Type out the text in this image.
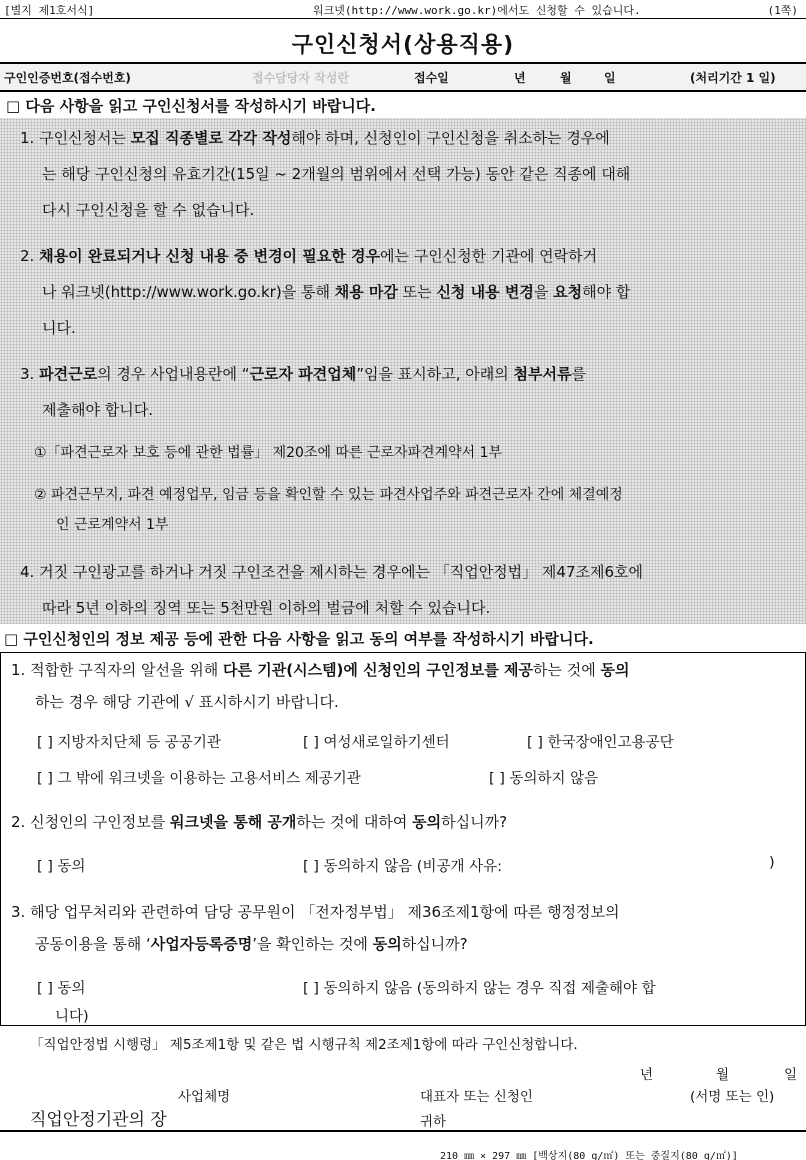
[별지 제1호서식]	워크넷(http://www.work.go.kr)에서도 신청할 수 있습니다.	(1쪽)
구인신청서(상용직용)
구인인증번호(접수번호)	접수담당자 작성란	접수일	년	월	일	(처리기간 1 일)
□ 다음 사항을 읽고 구인신청서를 작성하시기 바랍니다.
1. 구인신청서는 모집 직종별로 각각 작성해야 하며, 신청인이 구인신청을 취소하는 경우에
는 해당 구인신청의 유효기간(15일 ~ 2개월의 범위에서 선택 가능) 동안 같은 직종에 대해
다시 구인신청을 할 수 없습니다.
2. 채용이 완료되거나 신청 내용 중 변경이 필요한 경우에는 구인신청한 기관에 연락하거
나 워크넷(http://www.work.go.kr)을 통해 채용 마감 또는 신청 내용 변경을 요청해야 합
니다.
3. 파견근로의 경우 사업내용란에 “근로자 파견업체”임을 표시하고, 아래의 첨부서류를
제출해야 합니다.
①「파견근로자 보호 등에 관한 법률」 제20조에 따른 근로자파견계약서 1부
② 파견근무지, 파견 예정업무, 임금 등을 확인할 수 있는 파견사업주와 파견근로자 간에 체결예정
인 근로계약서 1부
4. 거짓 구인광고를 하거나 거짓 구인조건을 제시하는 경우에는 「직업안정법」 제47조제6호에
따라 5년 이하의 징역 또는 5천만원 이하의 벌금에 처할 수 있습니다.
□ 구인신청인의 정보 제공 등에 관한 다음 사항을 읽고 동의 여부를 작성하시기 바랍니다.
1. 적합한 구직자의 알선을 위해 다른 기관(시스템)에 신청인의 구인정보를 제공하는 것에 동의
하는 경우 해당 기관에 √ 표시하시기 바랍니다.
[ ] 지방자치단체 등 공공기관	[ ] 여성새로일하기센터	[ ] 한국장애인고용공단
[ ] 그 밖에 워크넷을 이용하는 고용서비스 제공기관	[ ] 동의하지 않음
2. 신청인의 구인정보를 워크넷을 통해 공개하는 것에 대하여 동의하십니까?
[ ] 동의	[ ] 동의하지 않음 (비공개 사유:	)
3. 해당 업무처리와 관련하여 담당 공무원이 「전자정부법」 제36조제1항에 따른 행정정보의
공동이용을 통해 ‘사업자등록증명’을 확인하는 것에 동의하십니까?
[ ] 동의	[ ] 동의하지 않음 (동의하지 않는 경우 직접 제출해야 합
니다)
「직업안정법 시행령」 제5조제1항 및 같은 법 시행규칙 제2조제1항에 따라 구인신청합니다.
년	월	일
사업체명	대표자 또는 신청인	(서명 또는 인)
직업안정기관의 장	귀하
210 ㎜ × 297 ㎜ [백상지(80 g/㎡) 또는 중질지(80 g/㎡)]
